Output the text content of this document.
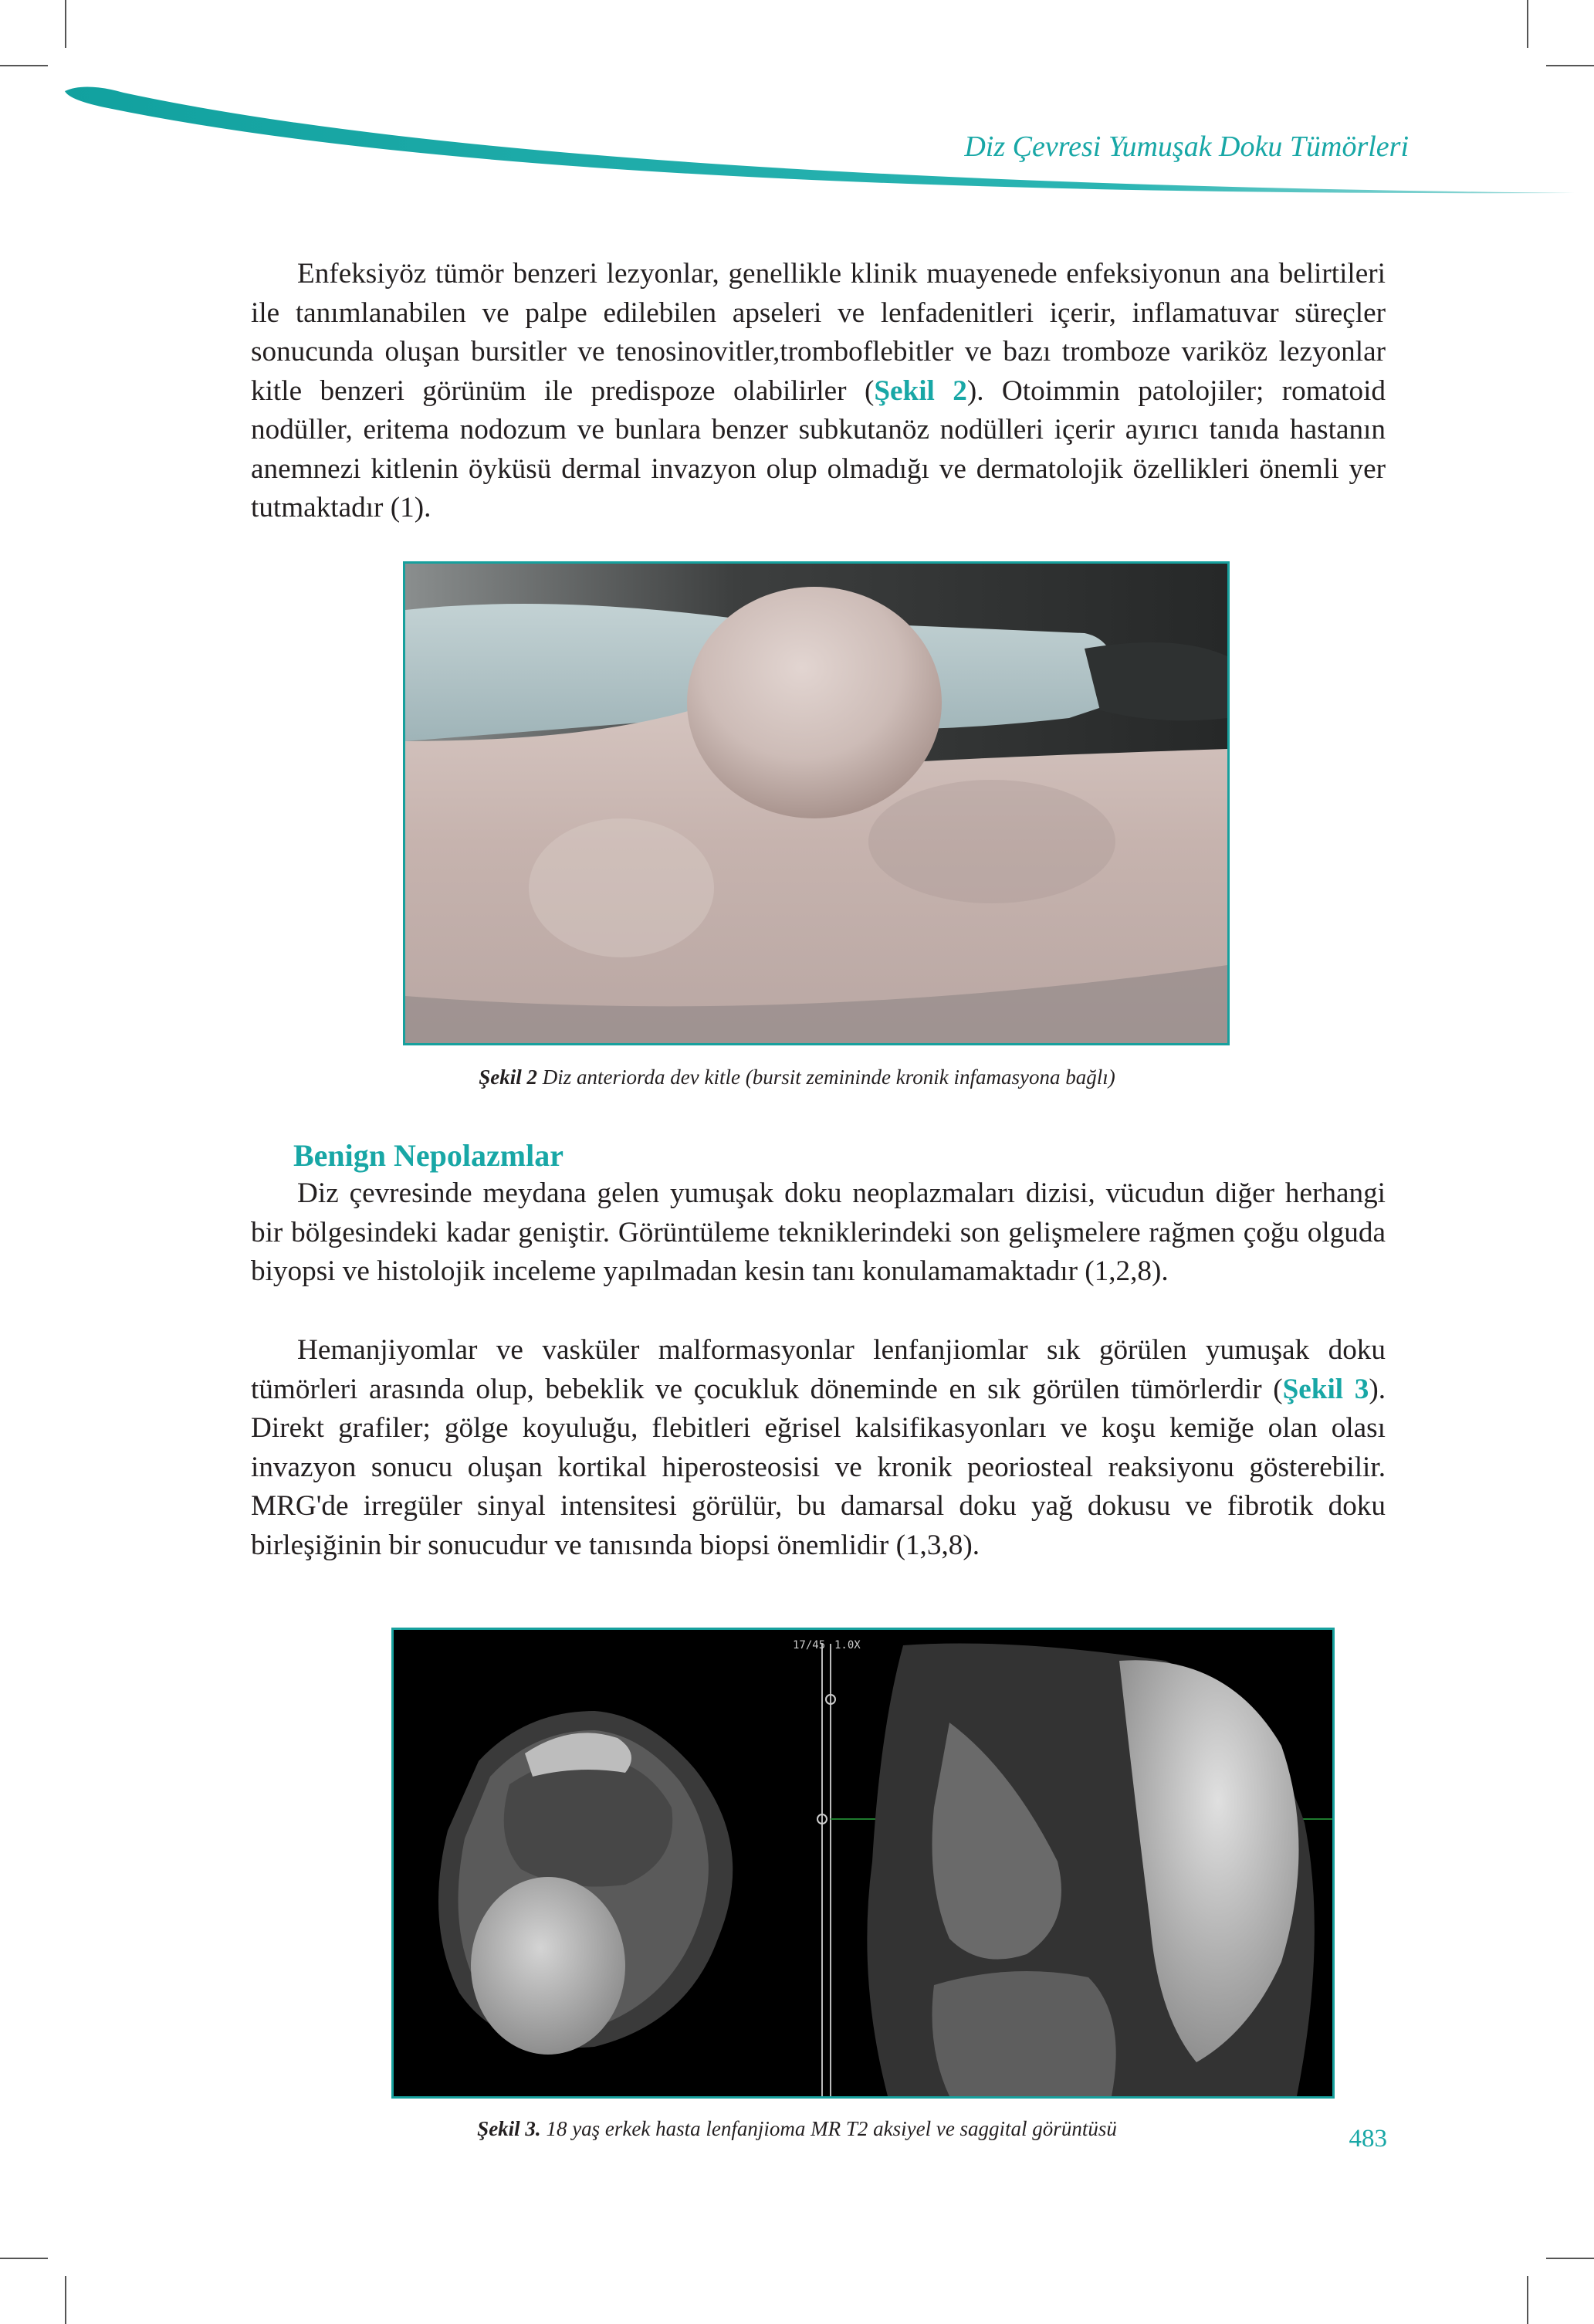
Diz Çevresi Yumuşak Doku Tümörleri

Enfeksiyöz tümör benzeri lezyonlar, genellikle klinik muayenede enfeksiyonun ana belirtileri ile tanımlanabilen ve palpe edilebilen apseleri ve lenfadenitleri içerir, inflamatuvar süreçler sonucunda oluşan bursitler ve tenosinovitler,tromboflebitler ve bazı tromboze variköz lezyonlar kitle benzeri görünüm ile predispoze olabilirler (Şekil 2). Otoimmin patolojiler; romatoid nodüller, eritema nodozum ve bunlara benzer subkutanöz nodülleri içerir ayırıcı tanıda hastanın anemnezi kitlenin öyküsü dermal invazyon olup olmadığı ve dermatolojik özellikleri önemli yer tutmaktadır (1).

Şekil 2 Diz anteriorda dev kitle (bursit zemininde kronik infamasyona bağlı)
Benign Nepolazmlar

Diz çevresinde meydana gelen yumuşak doku neoplazmaları dizisi, vücudun diğer herhangi bir bölgesindeki kadar geniştir. Görüntüleme tekniklerindeki son gelişmelere rağmen çoğu olguda biyopsi ve histolojik inceleme yapılmadan kesin tanı konulamamaktadır (1,2,8).

Hemanjiyomlar ve vasküler malformasyonlar lenfanjiomlar sık görülen yumuşak doku tümörleri arasında olup, bebeklik ve çocukluk döneminde en sık görülen tümörlerdir (Şekil 3). Direkt grafiler; gölge koyuluğu, flebitleri eğrisel kalsifikasyonları ve koşu kemiğe olan olası invazyon sonucu oluşan kortikal hiperosteosisi ve kronik peoriosteal reaksiyonu gösterebilir. MRG'de irregüler sinyal intensitesi görülür, bu damarsal doku yağ dokusu ve fibrotik doku birleşiğinin bir sonucudur ve tanısında biopsi önemlidir (1,3,8).

17/45 1.0X
Şekil 3. 18 yaş erkek hasta lenfanjioma MR T2 aksiyel ve saggital görüntüsü	483
